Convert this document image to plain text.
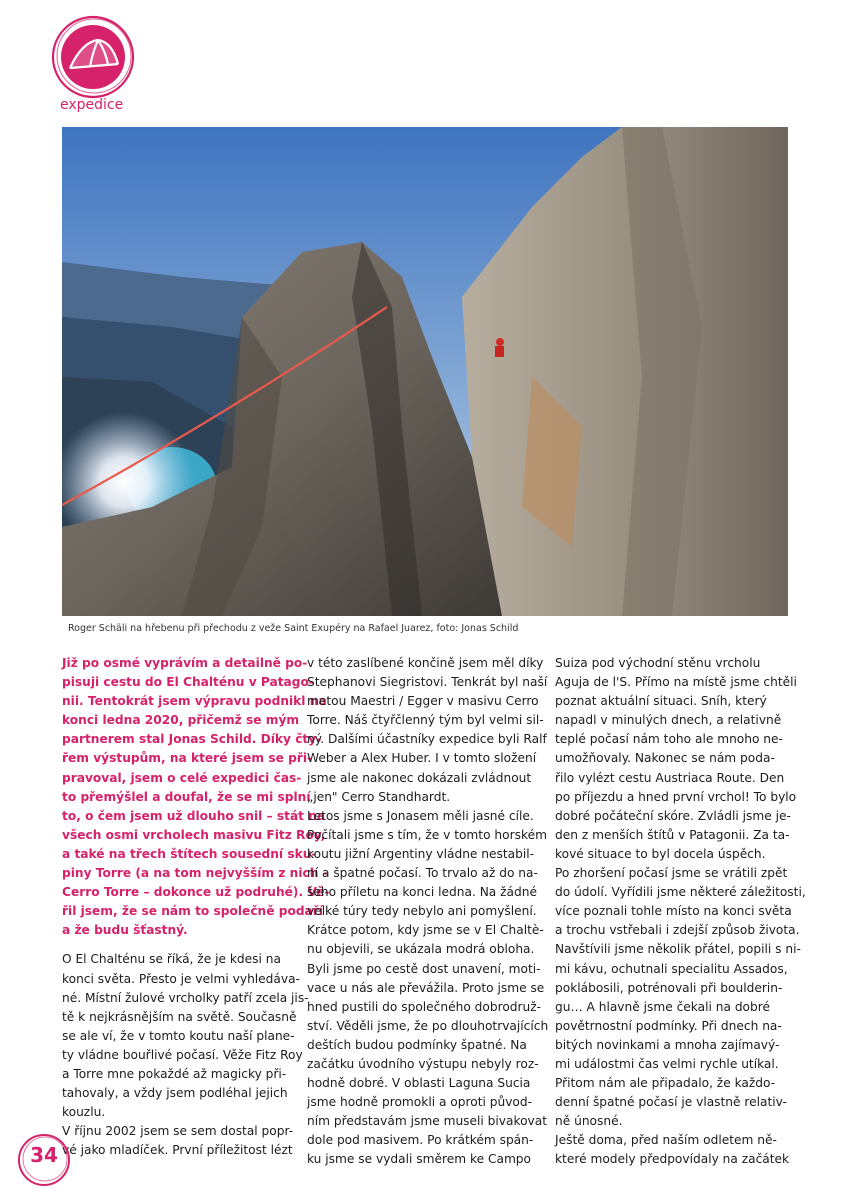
expedice
Roger Schäli na hřebenu při přechodu z veže Saint Exupéry na Rafael Juarez, foto: Jonas Schild
Již po osmé vyprávím a detailně po-
pisuji cestu do El Chalténu v Patago-
nii. Tentokrát jsem výpravu podnikl na
konci ledna 2020, přičemž se mým
partnerem stal Jonas Schild. Díky čty-
řem výstupům, na které jsem se při-
pravoval, jsem o celé expedici čas-
to přemýšlel a doufal, že se mi splní
to, o čem jsem už dlouho snil – stát na
všech osmi vrcholech masivu Fitz Roy,
a také na třech štítech sousední sku-
piny Torre (a na tom nejvyšším z nich –
Cerro Torre – dokonce už podruhé). Vě-
řil jsem, že se nám to společně podaří
a že budu šťastný.
O El Chalténu se říká, že je kdesi na
konci světa. Přesto je velmi vyhledáva-
né. Místní žulové vrcholky patří zcela jis-
tě k nejkrásnějším na světě. Současně
se ale ví, že v tomto koutu naší plane-
ty vládne bouřlivé počasí. Věže Fitz Roy
a Torre mne pokaždé až magicky při-
tahovaly, a vždy jsem podléhal jejich
kouzlu.
V říjnu 2002 jsem se sem dostal popr-
vé jako mladíček. První příležitost lézt
v této zaslíbené končině jsem měl díky
Stephanovi Siegristovi. Tenkrát byl naší
metou Maestri / Egger v masivu Cerro
Torre. Náš čtyřčlenný tým byl velmi sil-
ný. Dalšími účastníky expedice byli Ralf
Weber a Alex Huber. I v tomto složení
jsme ale nakonec dokázali zvládnout
„jen" Cerro Standhardt.
Letos jsme s Jonasem měli jasné cíle.
Počítali jsme s tím, že v tomto horském
koutu jižní Argentiny vládne nestabil-
ní a špatné počasí. To trvalo až do na-
šeho příletu na konci ledna. Na žádné
velké túry tedy nebylo ani pomyšlení.
Krátce potom, kdy jsme se v El Chaltè-
nu objevili, se ukázala modrá obloha.
Byli jsme po cestě dost unavení, moti-
vace u nás ale převážila. Proto jsme se
hned pustili do společného dobrodruž-
ství. Věděli jsme, že po dlouhotrvajících
deštích budou podmínky špatné. Na
začátku úvodního výstupu nebyly roz-
hodně dobré. V oblasti Laguna Sucia
jsme hodně promokli a oproti původ-
ním představám jsme museli bivakovat
dole pod masivem. Po krátkém spán-
ku jsme se vydali směrem ke Campo
Suiza pod východní stěnu vrcholu
Aguja de l'S. Přímo na místě jsme chtěli
poznat aktuální situaci. Sníh, který
napadl v minulých dnech, a relativně
teplé počasí nám toho ale mnoho ne-
umožňovaly. Nakonec se nám poda-
řilo vylézt cestu Austriaca Route. Den
po příjezdu a hned první vrchol! To bylo
dobré počáteční skóre. Zvládli jsme je-
den z menších štítů v Patagonii. Za ta-
kové situace to byl docela úspěch.
Po zhoršení počasí jsme se vrátili zpět
do údolí. Vyřídili jsme některé záležitosti,
více poznali tohle místo na konci světa
a trochu vstřebali i zdejší způsob života.
Navštívili jsme několik přátel, popili s ni-
mi kávu, ochutnali specialitu Assados,
poklábosili, potrénovali při boulderin-
gu… A hlavně jsme čekali na dobré
povětrnostní podmínky. Při dnech na-
bitých novinkami a mnoha zajímavý-
mi událostmi čas velmi rychle utíkal.
Přitom nám ale připadalo, že každo-
denní špatné počasí je vlastně relativ-
ně únosné.
Ještě doma, před naším odletem ně-
které modely předpovídaly na začátek
34
